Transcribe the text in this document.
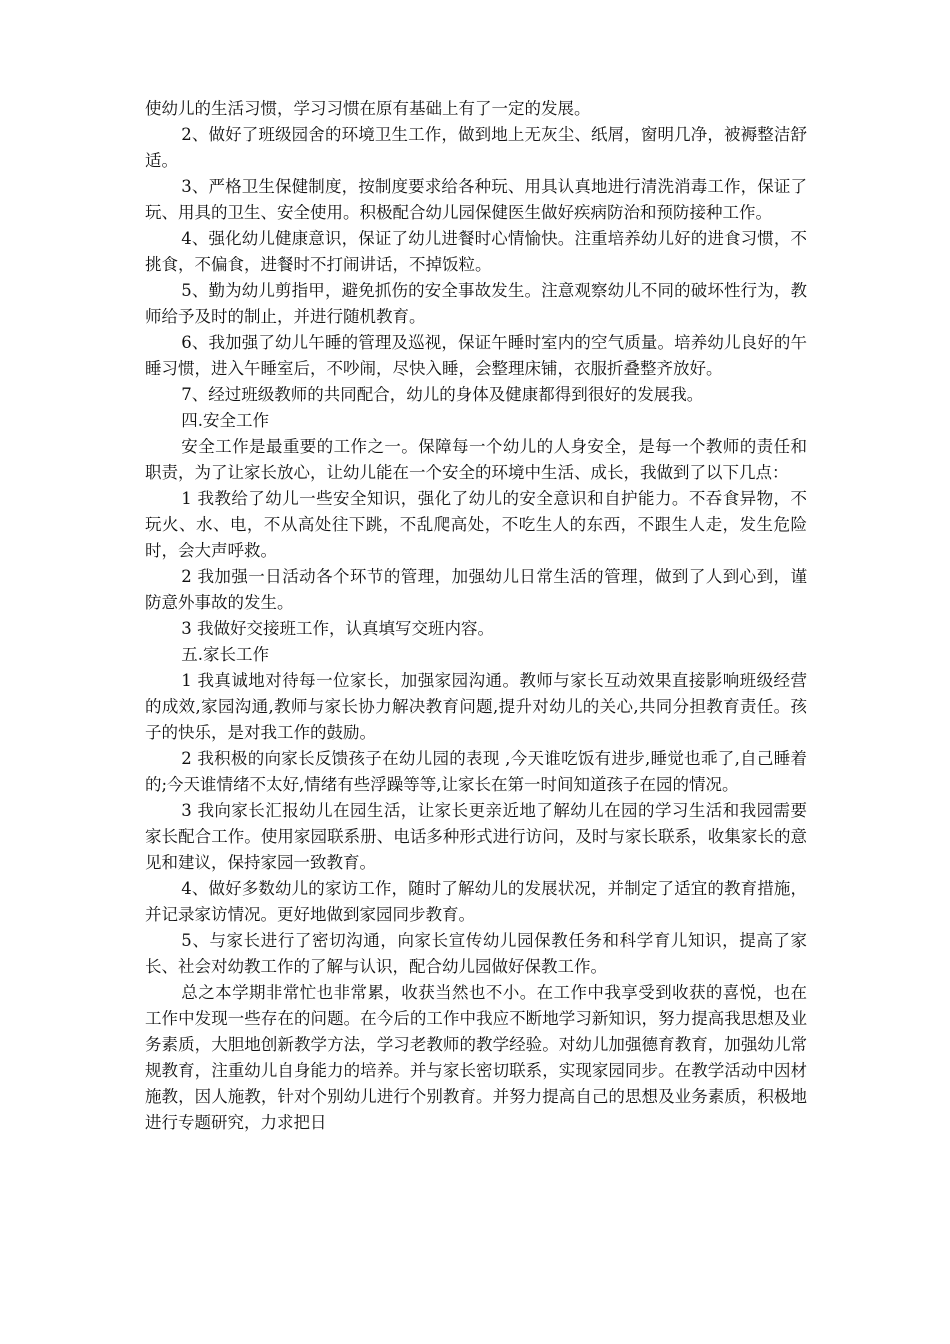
使幼儿的生活习惯，学习习惯在原有基础上有了一定的发展。

2、做好了班级园舍的环境卫生工作，做到地上无灰尘、纸屑，窗明几净，被褥整洁舒适。

3、严格卫生保健制度，按制度要求给各种玩、用具认真地进行清洗消毒工作，保证了玩、用具的卫生、安全使用。积极配合幼儿园保健医生做好疾病防治和预防接种工作。

4、强化幼儿健康意识，保证了幼儿进餐时心情愉快。注重培养幼儿好的进食习惯，不挑食，不偏食，进餐时不打闹讲话，不掉饭粒。

5、勤为幼儿剪指甲，避免抓伤的安全事故发生。注意观察幼儿不同的破坏性行为，教师给予及时的制止，并进行随机教育。

6、我加强了幼儿午睡的管理及巡视，保证午睡时室内的空气质量。培养幼儿良好的午睡习惯，进入午睡室后，不吵闹，尽快入睡，会整理床铺，衣服折叠整齐放好。

7、经过班级教师的共同配合，幼儿的身体及健康都得到很好的发展我。

四.安全工作

安全工作是最重要的工作之一。保障每一个幼儿的人身安全，是每一个教师的责任和职责，为了让家长放心，让幼儿能在一个安全的环境中生活、成长，我做到了以下几点：

1 我教给了幼儿一些安全知识，强化了幼儿的安全意识和自护能力。不吞食异物，不玩火、水、电，不从高处往下跳，不乱爬高处，不吃生人的东西，不跟生人走，发生危险时，会大声呼救。

2 我加强一日活动各个环节的管理，加强幼儿日常生活的管理，做到了人到心到，谨防意外事故的发生。

3 我做好交接班工作，认真填写交班内容。

五.家长工作

1 我真诚地对待每一位家长，加强家园沟通。教师与家长互动效果直接影响班级经营的成效,家园沟通,教师与家长协力解决教育问题,提升对幼儿的关心,共同分担教育责任。孩子的快乐，是对我工作的鼓励。

2 我积极的向家长反馈孩子在幼儿园的表现 ,今天谁吃饭有进步,睡觉也乖了,自己睡着的;今天谁情绪不太好,情绪有些浮躁等等,让家长在第一时间知道孩子在园的情况。

3 我向家长汇报幼儿在园生活，让家长更亲近地了解幼儿在园的学习生活和我园需要家长配合工作。使用家园联系册、电话多种形式进行访问，及时与家长联系，收集家长的意见和建议，保持家园一致教育。

4、做好多数幼儿的家访工作，随时了解幼儿的发展状况，并制定了适宜的教育措施，并记录家访情况。更好地做到家园同步教育。

5、与家长进行了密切沟通，向家长宣传幼儿园保教任务和科学育儿知识，提高了家长、社会对幼教工作的了解与认识，配合幼儿园做好保教工作。

总之本学期非常忙也非常累，收获当然也不小。在工作中我享受到收获的喜悦，也在工作中发现一些存在的问题。在今后的工作中我应不断地学习新知识，努力提高我思想及业务素质，大胆地创新教学方法，学习老教师的教学经验。对幼儿加强德育教育，加强幼儿常规教育，注重幼儿自身能力的培养。并与家长密切联系，实现家园同步。在教学活动中因材施教，因人施教，针对个别幼儿进行个别教育。并努力提高自己的思想及业务素质，积极地进行专题研究，力求把日
